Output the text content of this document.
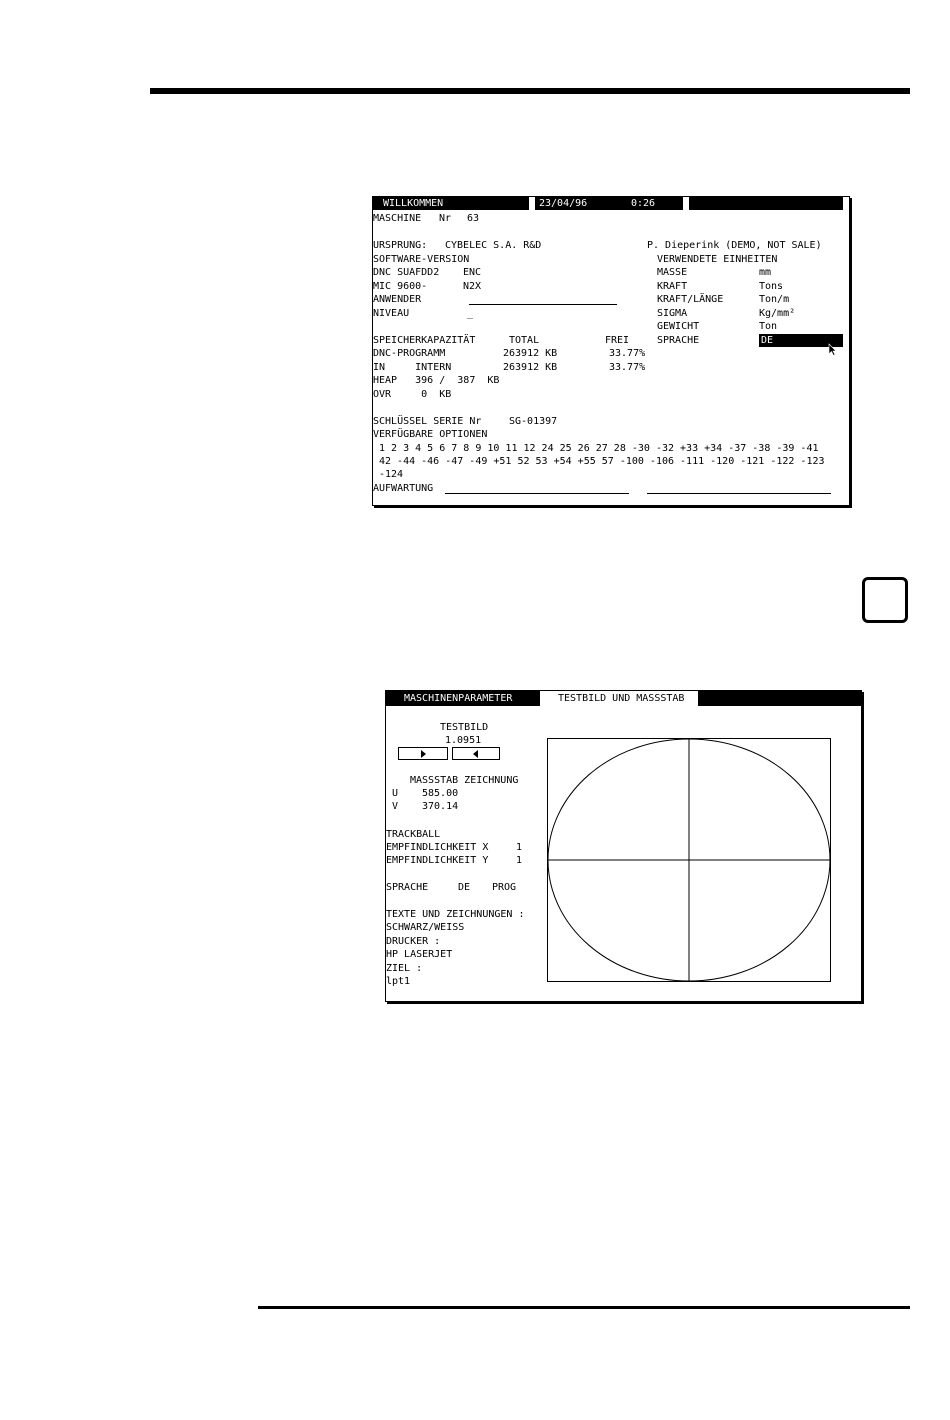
WILLKOMMEN	23/04/96	0:26
MASCHINE Nr 63
URSPRUNG: CYBELEC S.A. R&D	P. Dieperink (DEMO, NOT SALE)
SOFTWARE-VERSION
DNC SUAFDD2 ENC
MIC 9600-	N2X
ANWENDER
NIVEAU	_
VERWENDETE EINHEITEN
MASSE	mm
KRAFT	Tons
KRAFT/LÄNGE	Ton/m
SIGMA	Kg/mm²
GEWICHT	Ton
SPRACHE	DE
SPEICHERKAPAZITÄT	TOTAL	FREI
DNC-PROGRAMM	263912 KB	33.77%
IN     INTERN	263912 KB	33.77%
HEAP   396 /  387  KB
OVR     0  KB
SCHLÜSSEL SERIE Nr	SG-01397
VERFÜGBARE OPTIONEN
1 2 3 4 5 6 7 8 9 10 11 12 24 25 26 27 28 -30 -32 +33 +34 -37 -38 -39 -41
42 -44 -46 -47 -49 +51 52 53 +54 +55 57 -100 -106 -111 -120 -121 -122 -123
-124
AUFWARTUNG
MASCHINENPARAMETER	TESTBILD UND MASSSTAB
TESTBILD
1.0951
MASSSTAB ZEICHNUNG
U 585.00
V 370.14
TRACKBALL
EMPFINDLICHKEIT X	1
EMPFINDLICHKEIT Y	1
SPRACHE	DE PROG
TEXTE UND ZEICHNUNGEN :
SCHWARZ/WEISS
DRUCKER :
HP LASERJET
ZIEL :
lpt1
